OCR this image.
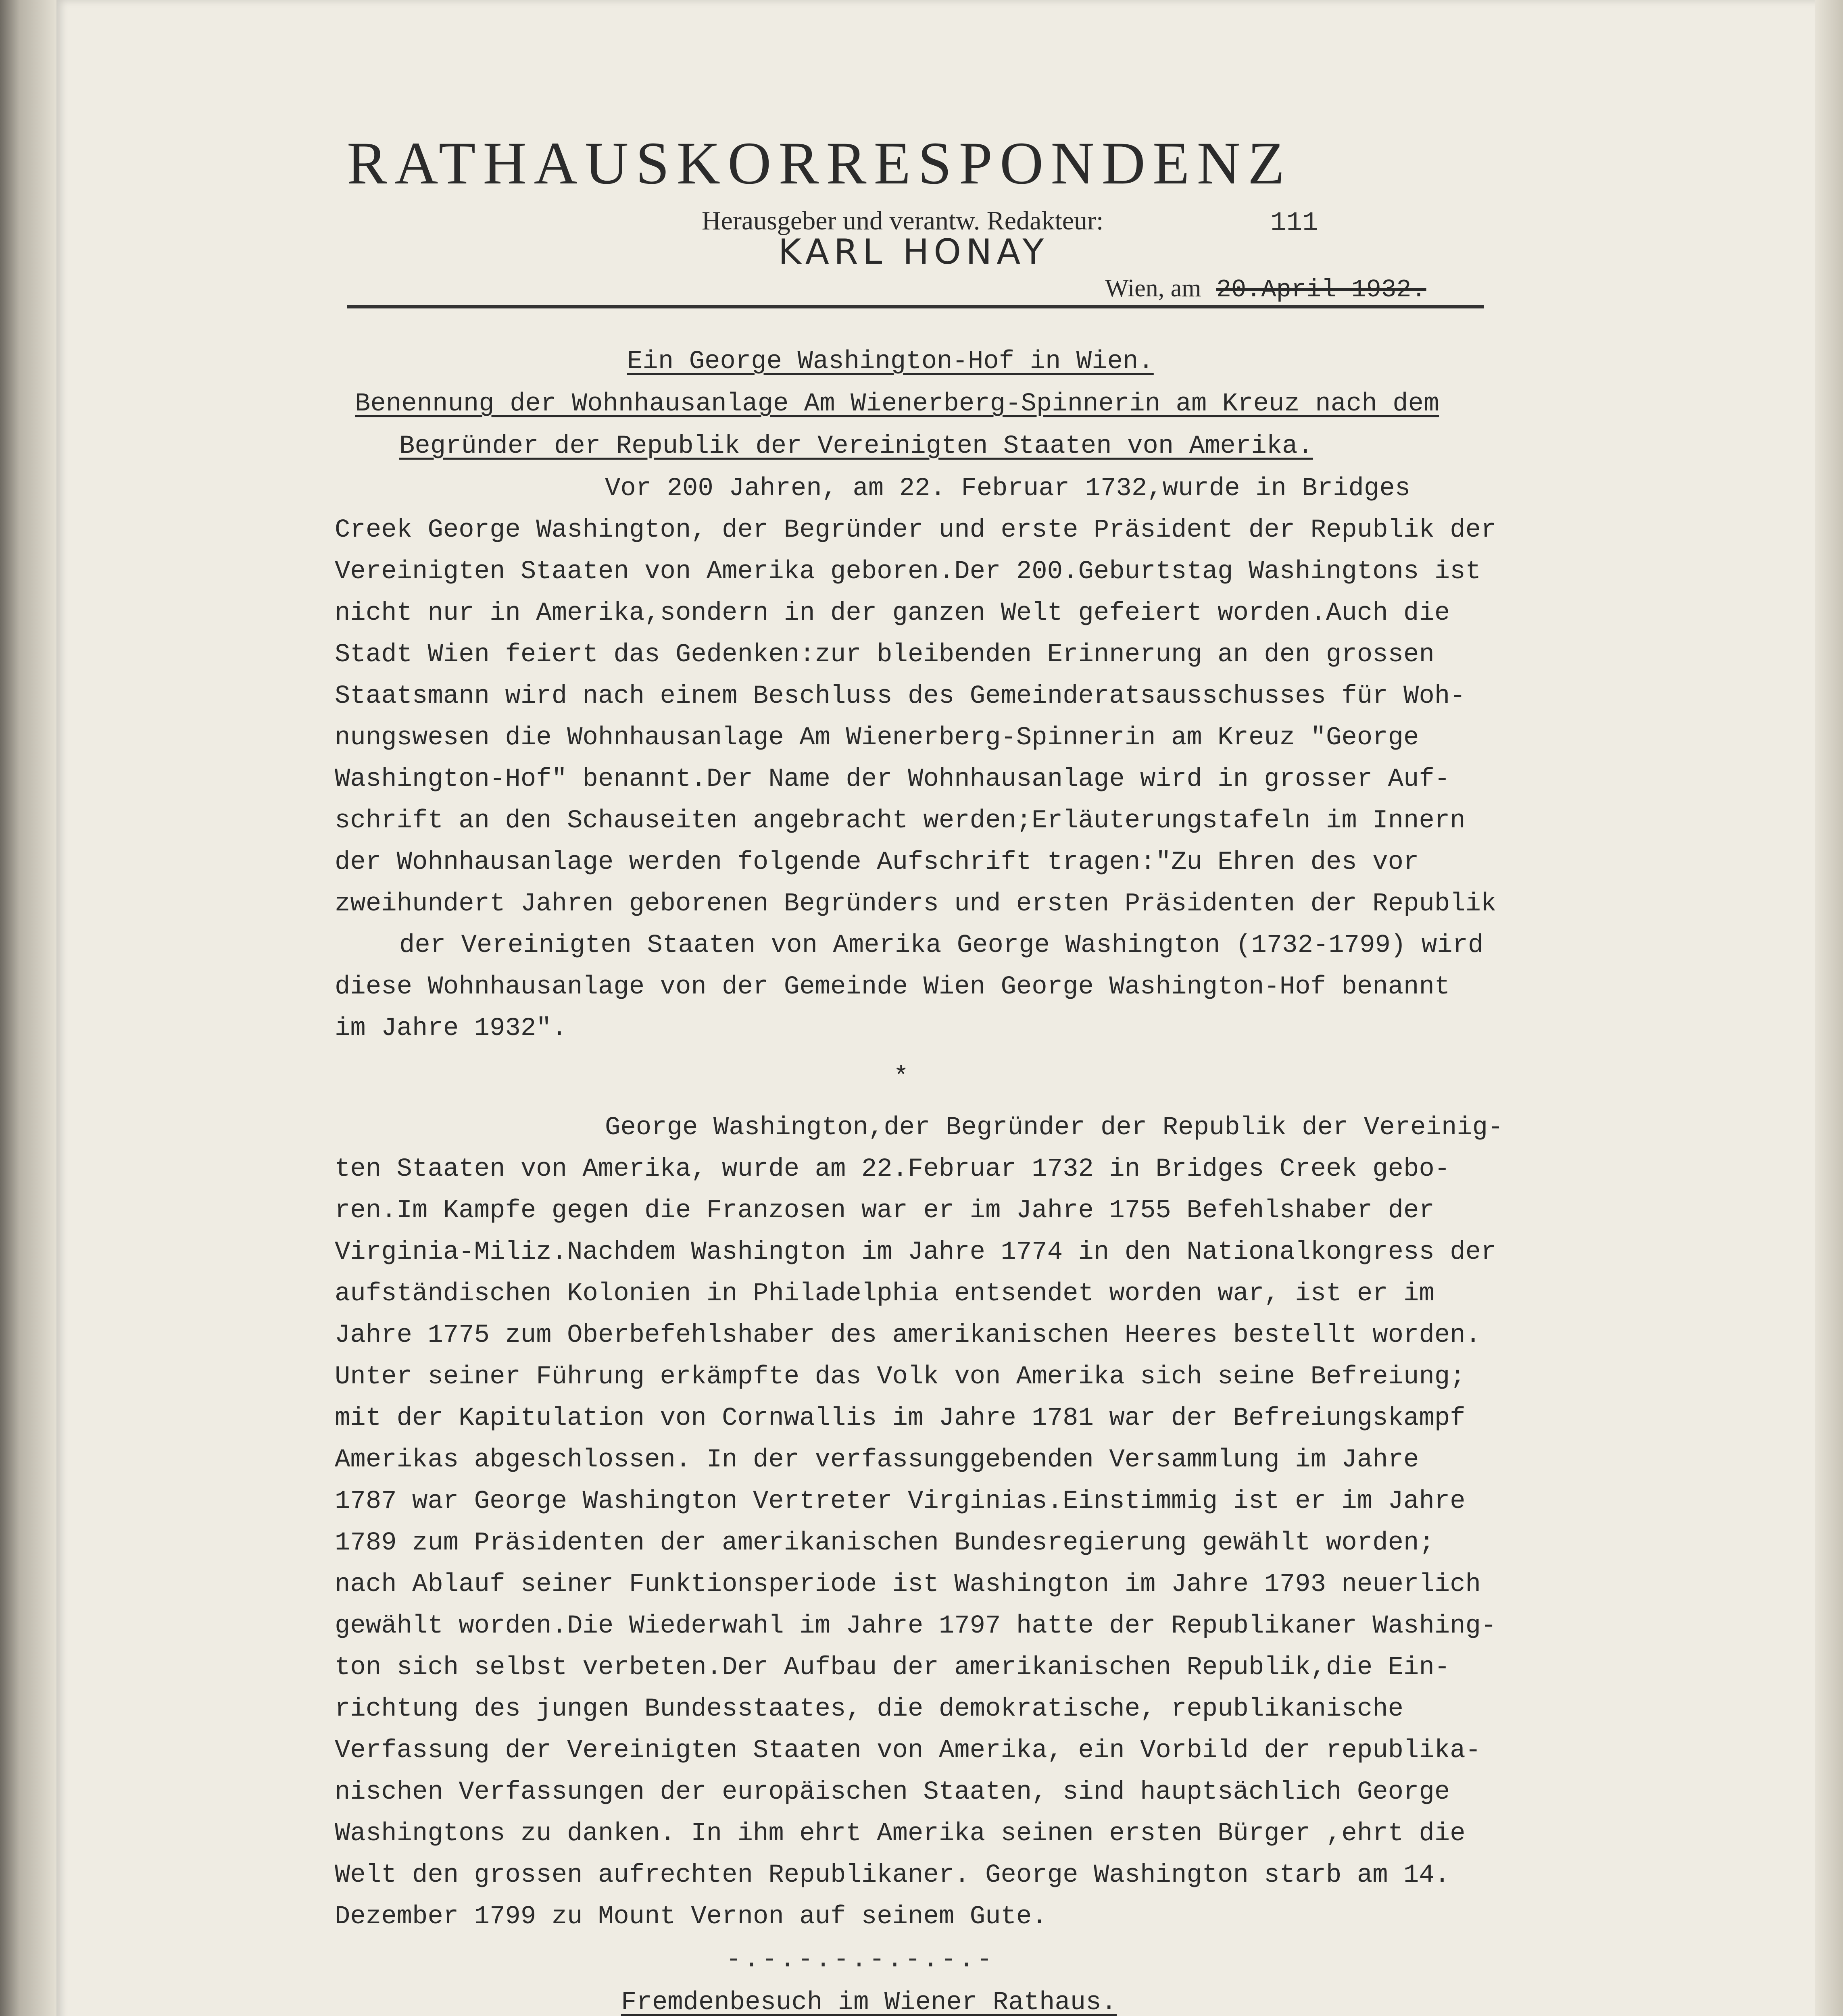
RATHAUSKORRESPONDENZ
Herausgeber und verantw. Redakteur:	111
KARL HONAY
Wien, am 20.April 1932.
Ein George Washington-Hof in Wien.
Benennung der Wohnhausanlage Am Wienerberg-Spinnerin am Kreuz nach dem
Begründer der Republik der Vereinigten Staaten von Amerika.
Vor 200 Jahren, am 22. Februar 1732,wurde in Bridges
Creek George Washington, der Begründer und erste Präsident der Republik der
Vereinigten Staaten von Amerika geboren.Der 200.Geburtstag Washingtons ist
nicht nur in Amerika,sondern in der ganzen Welt gefeiert worden.Auch die
Stadt Wien feiert das Gedenken:zur bleibenden Erinnerung an den grossen
Staatsmann wird nach einem Beschluss des Gemeinderatsausschusses für Woh-
nungswesen die Wohnhausanlage Am Wienerberg-Spinnerin am Kreuz "George
Washington-Hof" benannt.Der Name der Wohnhausanlage wird in grosser Auf-
schrift an den Schauseiten angebracht werden;Erläuterungstafeln im Innern
der Wohnhausanlage werden folgende Aufschrift tragen:"Zu Ehren des vor
zweihundert Jahren geborenen Begründers und ersten Präsidenten der Republik
der Vereinigten Staaten von Amerika George Washington (1732-1799) wird
diese Wohnhausanlage von der Gemeinde Wien George Washington-Hof benannt
im Jahre 1932".
*
George Washington,der Begründer der Republik der Vereinig-
ten Staaten von Amerika, wurde am 22.Februar 1732 in Bridges Creek gebo-
ren.Im Kampfe gegen die Franzosen war er im Jahre 1755 Befehlshaber der
Virginia-Miliz.Nachdem Washington im Jahre 1774 in den Nationalkongress der
aufständischen Kolonien in Philadelphia entsendet worden war, ist er im
Jahre 1775 zum Oberbefehlshaber des amerikanischen Heeres bestellt worden.
Unter seiner Führung erkämpfte das Volk von Amerika sich seine Befreiung;
mit der Kapitulation von Cornwallis im Jahre 1781 war der Befreiungskampf
Amerikas abgeschlossen. In der verfassunggebenden Versammlung im Jahre
1787 war George Washington Vertreter Virginias.Einstimmig ist er im Jahre
1789 zum Präsidenten der amerikanischen Bundesregierung gewählt worden;
nach Ablauf seiner Funktionsperiode ist Washington im Jahre 1793 neuerlich
gewählt worden.Die Wiederwahl im Jahre 1797 hatte der Republikaner Washing-
ton sich selbst verbeten.Der Aufbau der amerikanischen Republik,die Ein-
richtung des jungen Bundesstaates, die demokratische, republikanische
Verfassung der Vereinigten Staaten von Amerika, ein Vorbild der republika-
nischen Verfassungen der europäischen Staaten, sind hauptsächlich George
Washingtons zu danken. In ihm ehrt Amerika seinen ersten Bürger ,ehrt die
Welt den grossen aufrechten Republikaner. George Washington starb am 14.
Dezember 1799 zu Mount Vernon auf seinem Gute.
-.-.-.-.-.-.-.-
Fremdenbesuch im Wiener Rathaus.
